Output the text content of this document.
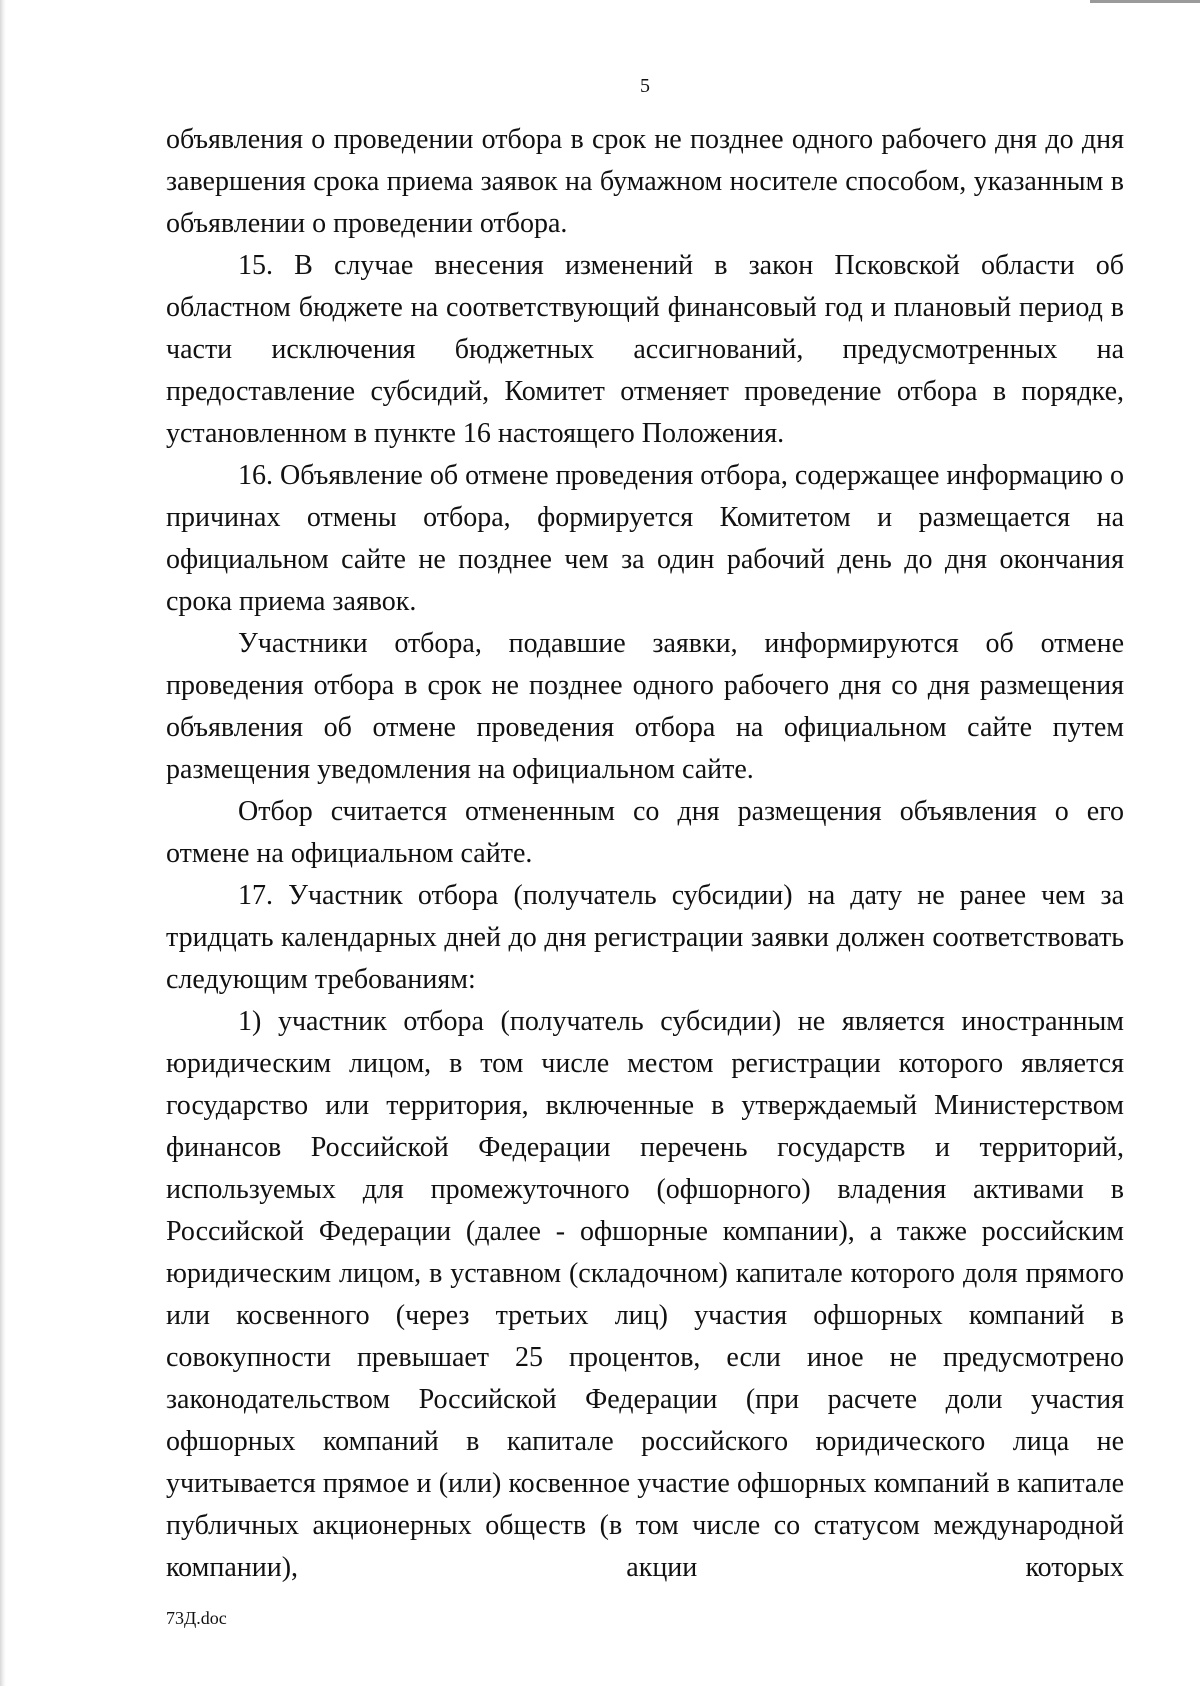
5

объявления о проведении отбора в срок не позднее одного рабочего дня до дня завершения срока приема заявок на бумажном носителе способом, указанным в объявлении о проведении отбора.

15. В случае внесения изменений в закон Псковской области об областном бюджете на соответствующий финансовый год и плановый период в части исключения бюджетных ассигнований, предусмотренных на предоставление субсидий, Комитет отменяет проведение отбора в порядке, установленном в пункте 16 настоящего Положения.

16. Объявление об отмене проведения отбора, содержащее информацию о причинах отмены отбора, формируется Комитетом и размещается на официальном сайте не позднее чем за один рабочий день до дня окончания срока приема заявок.

Участники отбора, подавшие заявки, информируются об отмене проведения отбора в срок не позднее одного рабочего дня со дня размещения объявления об отмене проведения отбора на официальном сайте путем размещения уведомления на официальном сайте.

Отбор считается отмененным со дня размещения объявления о его отмене на официальном сайте.

17. Участник отбора (получатель субсидии) на дату не ранее чем за тридцать календарных дней до дня регистрации заявки должен соответствовать следующим требованиям:

1) участник отбора (получатель субсидии) не является иностранным юридическим лицом, в том числе местом регистрации которого является государство или территория, включенные в утверждаемый Министерством финансов Российской Федерации перечень государств и территорий, используемых для промежуточного (офшорного) владения активами в Российской Федерации (далее - офшорные компании), а также российским юридическим лицом, в уставном (складочном) капитале которого доля прямого или косвенного (через третьих лиц) участия офшорных компаний в совокупности превышает 25 процентов, если иное не предусмотрено законодательством Российской Федерации (при расчете доли участия офшорных компаний в капитале российского юридического лица не учитывается прямое и (или) косвенное участие офшорных компаний в капитале публичных акционерных обществ (в том числе со статусом международной компании), акции которых

73Д.doc
